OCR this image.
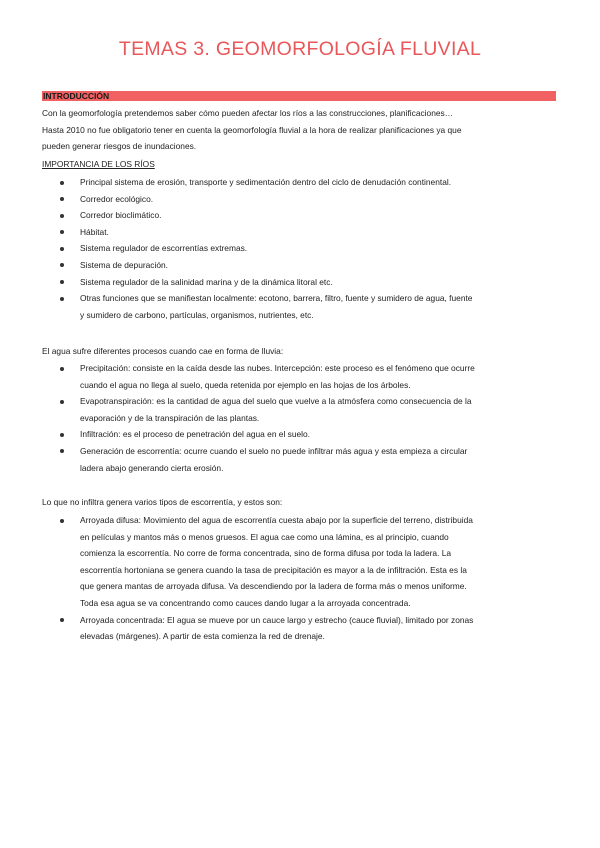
TEMAS 3. GEOMORFOLOGÍA FLUVIAL
INTRODUCCIÓN
Con la geomorfología pretendemos saber cómo pueden afectar los ríos a las construcciones, planificaciones…
Hasta 2010 no fue obligatorio tener en cuenta la geomorfología fluvial a la hora de realizar planificaciones ya que
pueden generar riesgos de inundaciones.
IMPORTANCIA DE LOS RÍOS
Principal sistema de erosión, transporte y sedimentación dentro del ciclo de denudación continental.
Corredor ecológico.
Corredor bioclimático.
Hábitat.
Sistema regulador de escorrentías extremas.
Sistema de depuración.
Sistema regulador de la salinidad marina y de la dinámica litoral etc.
Otras funciones que se manifiestan localmente: ecotono, barrera, filtro, fuente y sumidero de agua, fuente
y sumidero de carbono, partículas, organismos, nutrientes, etc.
El agua sufre diferentes procesos cuando cae en forma de lluvia:
Precipitación: consiste en la caída desde las nubes. Intercepción: este proceso es el fenómeno que ocurre
cuando el agua no llega al suelo, queda retenida por ejemplo en las hojas de los árboles.
Evapotranspiración: es la cantidad de agua del suelo que vuelve a la atmósfera como consecuencia de la
evaporación y de la transpiración de las plantas.
Infiltración: es el proceso de penetración del agua en el suelo.
Generación de escorrentía: ocurre cuando el suelo no puede infiltrar más agua y esta empieza a circular
ladera abajo generando cierta erosión.
Lo que no infiltra genera varios tipos de escorrentía, y estos son:
Arroyada difusa: Movimiento del agua de escorrentía cuesta abajo por la superficie del terreno, distribuida
en películas y mantos más o menos gruesos. El agua cae como una lámina, es al principio, cuando
comienza la escorrentía. No corre de forma concentrada, sino de forma difusa por toda la ladera. La
escorrentía hortoniana se genera cuando la tasa de precipitación es mayor a la de infiltración. Esta es la
que genera mantas de arroyada difusa. Va descendiendo por la ladera de forma más o menos uniforme.
Toda esa agua se va concentrando como cauces dando lugar a la arroyada concentrada.
Arroyada concentrada: El agua se mueve por un cauce largo y estrecho (cauce fluvial), limitado por zonas
elevadas (márgenes). A partir de esta comienza la red de drenaje.
